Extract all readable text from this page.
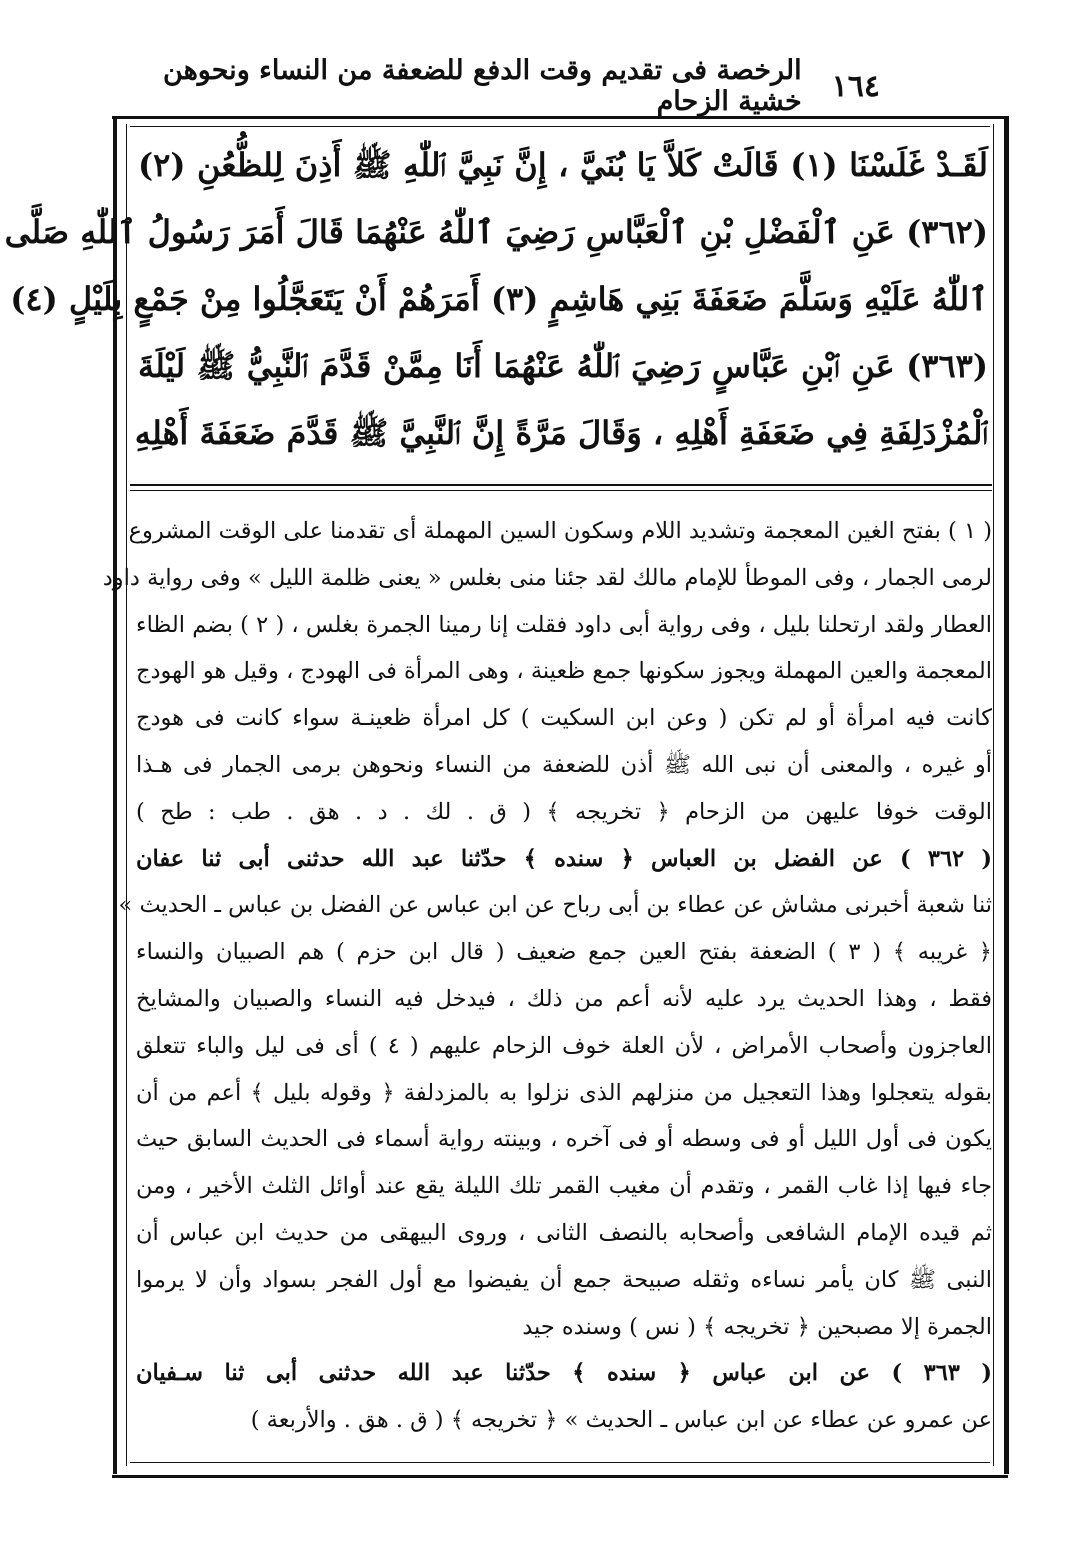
١٦٤
الرخصة فى تقديم وقت الدفع للضعفة من النساء ونحوهن خشية الزحام
لَقَـدْ غَلَسْنَا (١) قَالَتْ كَلاَّ يَا بُنَيَّ ، إِنَّ نَبِيَّ ٱللّٰهِ ﷺ أَذِنَ لِلظُّعُنِ (٢)
(٣٦٢) عَنِ ٱلْفَضْلِ بْنِ ٱلْعَبَّاسِ رَضِيَ ٱللّٰهُ عَنْهُمَا قَالَ أَمَرَ رَسُولُ ٱللّٰهِ صَلَّى
ٱللّٰهُ عَلَيْهِ وَسَلَّمَ ضَعَفَةَ بَنِي هَاشِمٍ (٣) أَمَرَهُمْ أَنْ يَتَعَجَّلُوا مِنْ جَمْعٍ بِلَيْلٍ (٤)
(٣٦٣) عَنِ ٱبْنِ عَبَّاسٍ رَضِيَ ٱللّٰهُ عَنْهُمَا أَنَا مِمَّنْ قَدَّمَ ٱلنَّبِيُّ ﷺ لَيْلَةَ
ٱلْمُزْدَلِفَةِ فِي ضَعَفَةِ أَهْلِهِ ، وَقَالَ مَرَّةً إِنَّ ٱلنَّبِيَّ ﷺ قَدَّمَ ضَعَفَةَ أَهْلِهِ
( ١ ) بفتح الغين المعجمة وتشديد اللام وسكون السين المهملة أى تقدمنا على الوقت المشروع
لرمى الجمار ، وفى الموطأ للإمام مالك لقد جئنا منى بغلس « يعنى ظلمة الليل » وفى رواية داود
العطار ولقد ارتحلنا بليل ، وفى رواية أبى داود فقلت إنا رمينا الجمرة بغلس ، ( ٢ ) بضم الظاء
المعجمة والعين المهملة ويجوز سكونها جمع ظعينة ، وهى المرأة فى الهودج ، وقيل هو الهودج
كانت فيه امرأة أو لم تكن ( وعن ابن السكيت ) كل امرأة ظعينـة سواء كانت فى هودج
أو غيره ، والمعنى أن نبى الله ﷺ أذن للضعفة من النساء ونحوهن برمى الجمار فى هـذا
الوقت خوفا عليهن من الزحام ﴿ تخريجه ﴾ ( ق . لك . د . هق . طب : طح )
( ٣٦٢ ) عن الفضل بن العباس ﴿ سنده ﴾ حدّثنا عبد الله حدثنى أبى ثنا عفان
ثنا شعبة أخبرنى مشاش عن عطاء بن أبى رباح عن ابن عباس عن الفضل بن عباس ـ الحديث »
﴿ غريبه ﴾ ( ٣ ) الضعفة بفتح العين جمع ضعيف ( قال ابن حزم ) هم الصبيان والنساء
فقط ، وهذا الحديث يرد عليه لأنه أعم من ذلك ، فيدخل فيه النساء والصبيان والمشايخ
العاجزون وأصحاب الأمراض ، لأن العلة خوف الزحام عليهم ( ٤ ) أى فى ليل والباء تتعلق
بقوله يتعجلوا وهذا التعجيل من منزلهم الذى نزلوا به بالمزدلفة ﴿ وقوله بليل ﴾ أعم من أن
يكون فى أول الليل أو فى وسطه أو فى آخره ، وبينته رواية أسماء فى الحديث السابق حيث
جاء فيها إذا غاب القمر ، وتقدم أن مغيب القمر تلك الليلة يقع عند أوائل الثلث الأخير ، ومن
ثم قيده الإمام الشافعى وأصحابه بالنصف الثانى ، وروى البيهقى من حديث ابن عباس أن
النبى ﷺ كان يأمر نساءه وثقله صبيحة جمع أن يفيضوا مع أول الفجر بسواد وأن لا يرموا
الجمرة إلا مصبحين ﴿ تخريجه ﴾ ( نس ) وسنده جيد
( ٣٦٣ ) عن ابن عباس ﴿ سنده ﴾ حدّثنا عبد الله حدثنى أبى ثنا سـفيان
عن عمرو عن عطاء عن ابن عباس ـ الحديث » ﴿ تخريجه ﴾ ( ق . هق . والأربعة )
